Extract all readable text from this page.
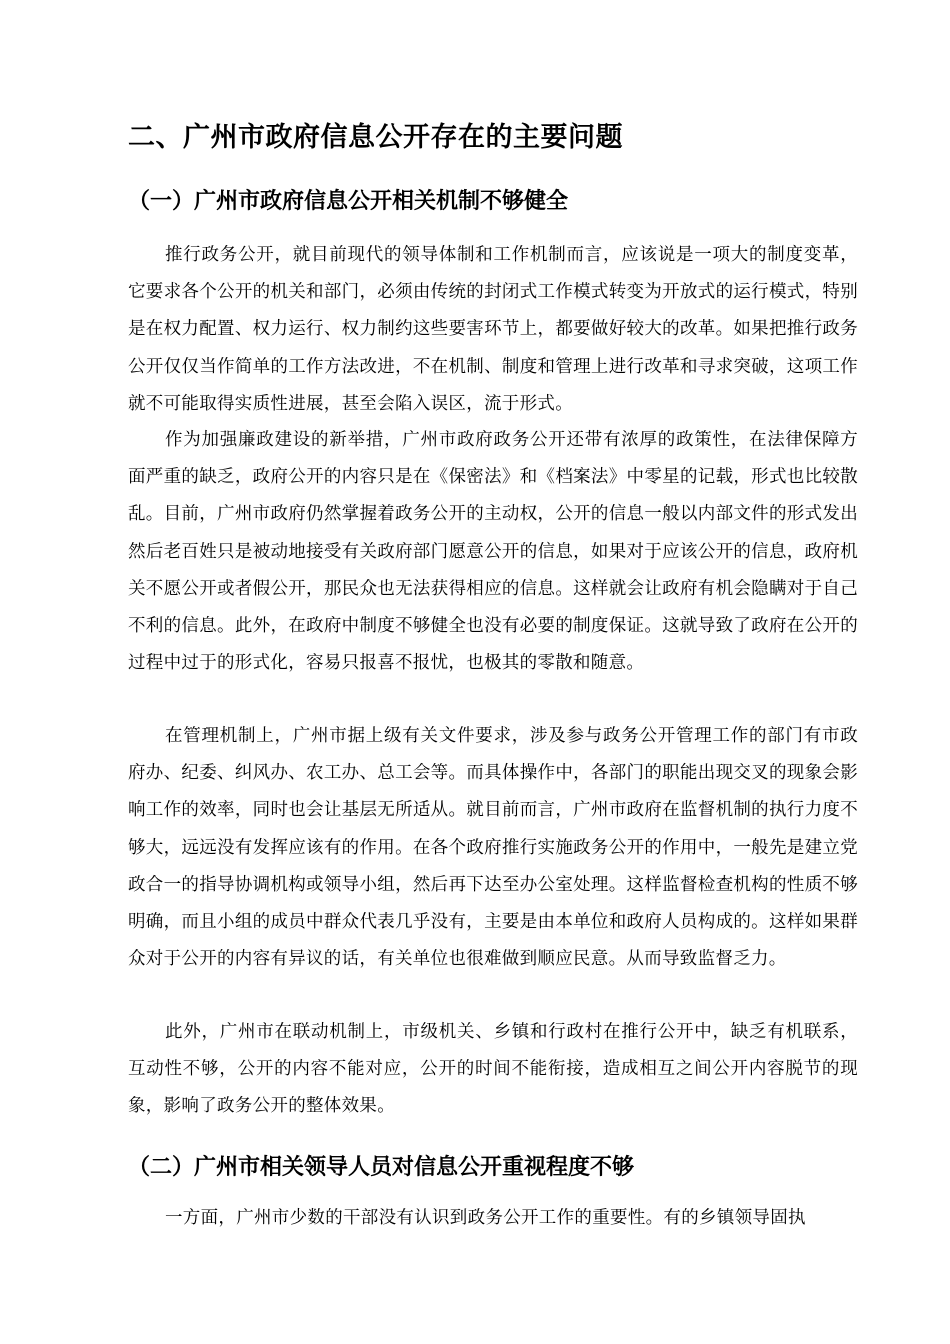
二、广州市政府信息公开存在的主要问题
（一）广州市政府信息公开相关机制不够健全
推行政务公开，就目前现代的领导体制和工作机制而言，应该说是一项大的制度变革，它要求各个公开的机关和部门，必须由传统的封闭式工作模式转变为开放式的运行模式，特别是在权力配置、权力运行、权力制约这些要害环节上，都要做好较大的改革。如果把推行政务公开仅仅当作简单的工作方法改进，不在机制、制度和管理上进行改革和寻求突破，这项工作就不可能取得实质性进展，甚至会陷入误区，流于形式。
作为加强廉政建设的新举措，广州市政府政务公开还带有浓厚的政策性，在法律保障方面严重的缺乏，政府公开的内容只是在《保密法》和《档案法》中零星的记载，形式也比较散乱。目前，广州市政府仍然掌握着政务公开的主动权，公开的信息一般以内部文件的形式发出然后老百姓只是被动地接受有关政府部门愿意公开的信息，如果对于应该公开的信息，政府机关不愿公开或者假公开，那民众也无法获得相应的信息。这样就会让政府有机会隐瞒对于自己不利的信息。此外，在政府中制度不够健全也没有必要的制度保证。这就导致了政府在公开的过程中过于的形式化，容易只报喜不报忧，也极其的零散和随意。
在管理机制上，广州市据上级有关文件要求，涉及参与政务公开管理工作的部门有市政府办、纪委、纠风办、农工办、总工会等。而具体操作中，各部门的职能出现交叉的现象会影响工作的效率，同时也会让基层无所适从。就目前而言，广州市政府在监督机制的执行力度不够大，远远没有发挥应该有的作用。在各个政府推行实施政务公开的作用中，一般先是建立党政合一的指导协调机构或领导小组，然后再下达至办公室处理。这样监督检查机构的性质不够明确，而且小组的成员中群众代表几乎没有，主要是由本单位和政府人员构成的。这样如果群众对于公开的内容有异议的话，有关单位也很难做到顺应民意。从而导致监督乏力。
此外，广州市在联动机制上，市级机关、乡镇和行政村在推行公开中，缺乏有机联系，互动性不够，公开的内容不能对应，公开的时间不能衔接，造成相互之间公开内容脱节的现象，影响了政务公开的整体效果。
（二）广州市相关领导人员对信息公开重视程度不够
一方面，广州市少数的干部没有认识到政务公开工作的重要性。有的乡镇领导固执
